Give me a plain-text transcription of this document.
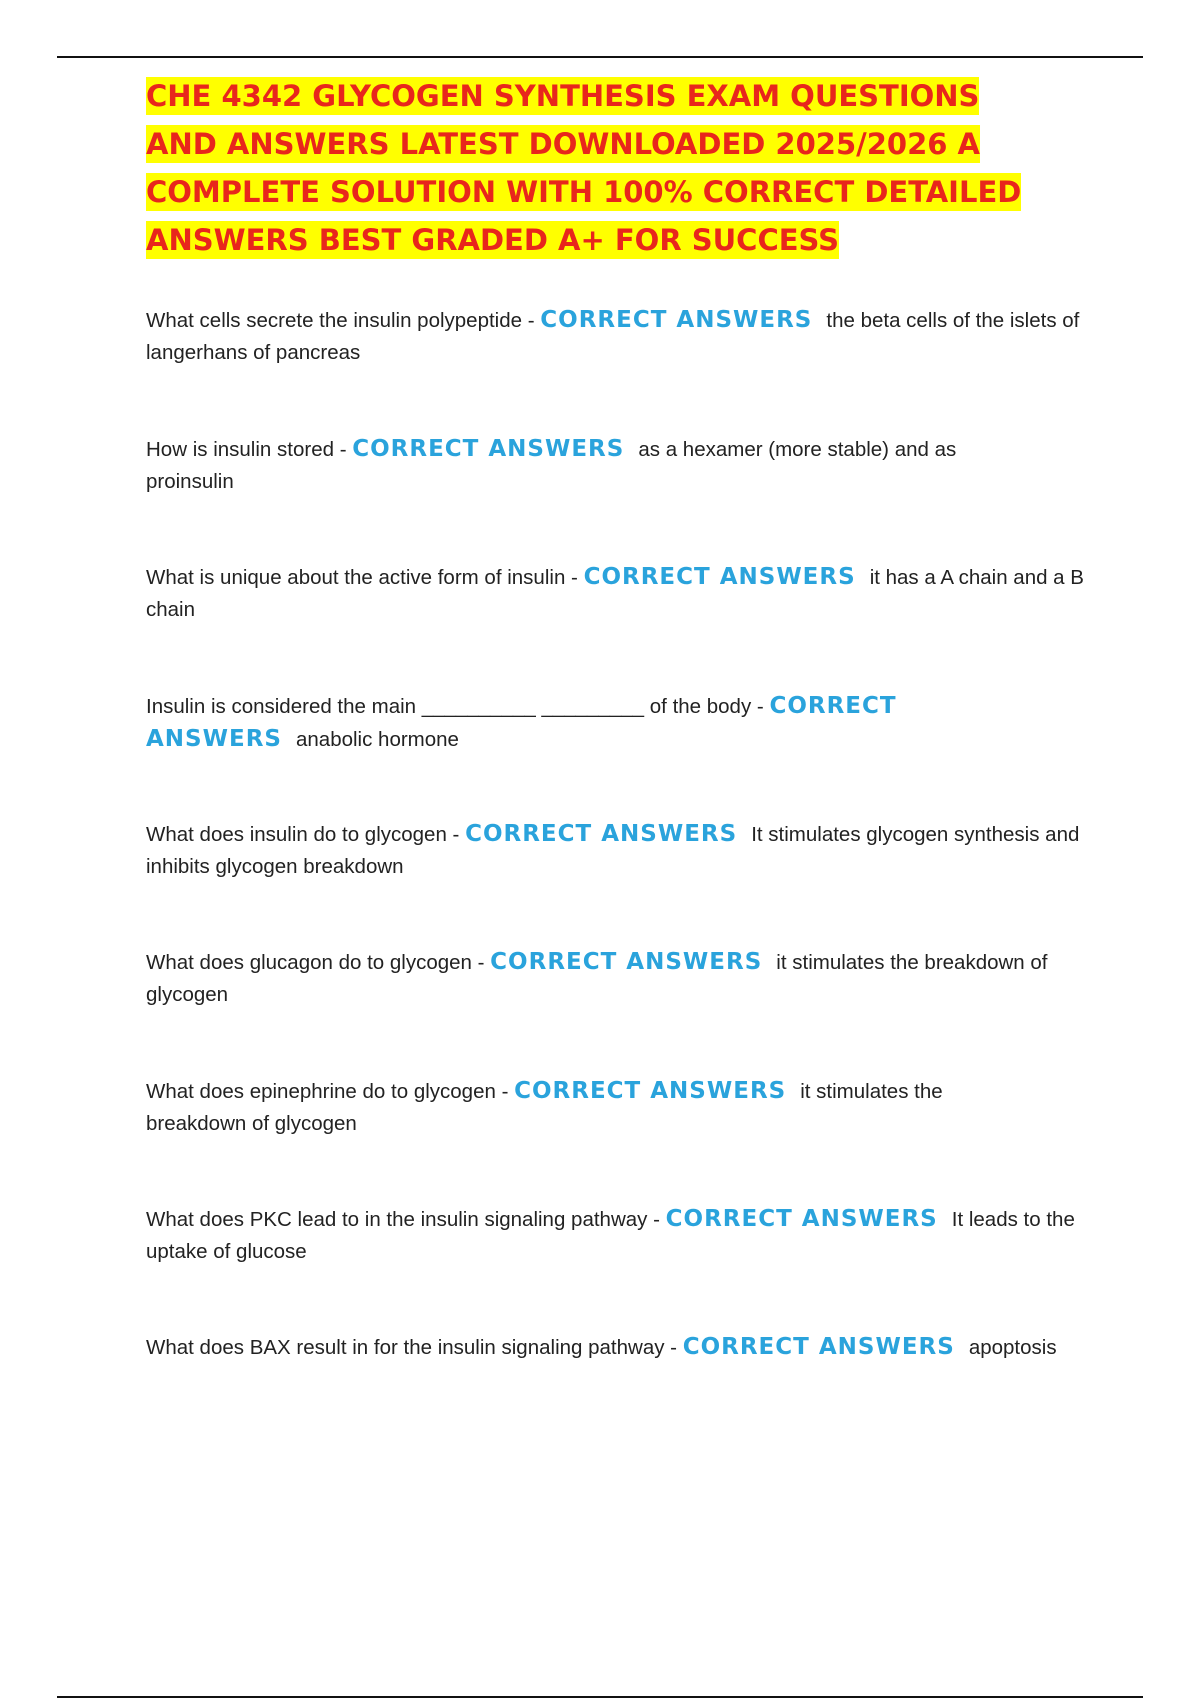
CHE 4342 GLYCOGEN SYNTHESIS EXAM QUESTIONS AND ANSWERS LATEST DOWNLOADED 2025/2026 A COMPLETE SOLUTION WITH 100% CORRECT DETAILED ANSWERS BEST GRADED A+ FOR SUCCESS

What cells secrete the insulin polypeptide - CORRECT ANSWERS the beta cells of the islets of langerhans of pancreas

How is insulin stored - CORRECT ANSWERS as a hexamer (more stable) and as proinsulin

What is unique about the active form of insulin - CORRECT ANSWERS it has a A chain and a B chain

Insulin is considered the main __________ _________ of the body - CORRECT ANSWERS anabolic hormone

What does insulin do to glycogen - CORRECT ANSWERS It stimulates glycogen synthesis and inhibits glycogen breakdown

What does glucagon do to glycogen - CORRECT ANSWERS it stimulates the breakdown of glycogen

What does epinephrine do to glycogen - CORRECT ANSWERS it stimulates the breakdown of glycogen

What does PKC lead to in the insulin signaling pathway - CORRECT ANSWERS It leads to the uptake of glucose

What does BAX result in for the insulin signaling pathway - CORRECT ANSWERS apoptosis
